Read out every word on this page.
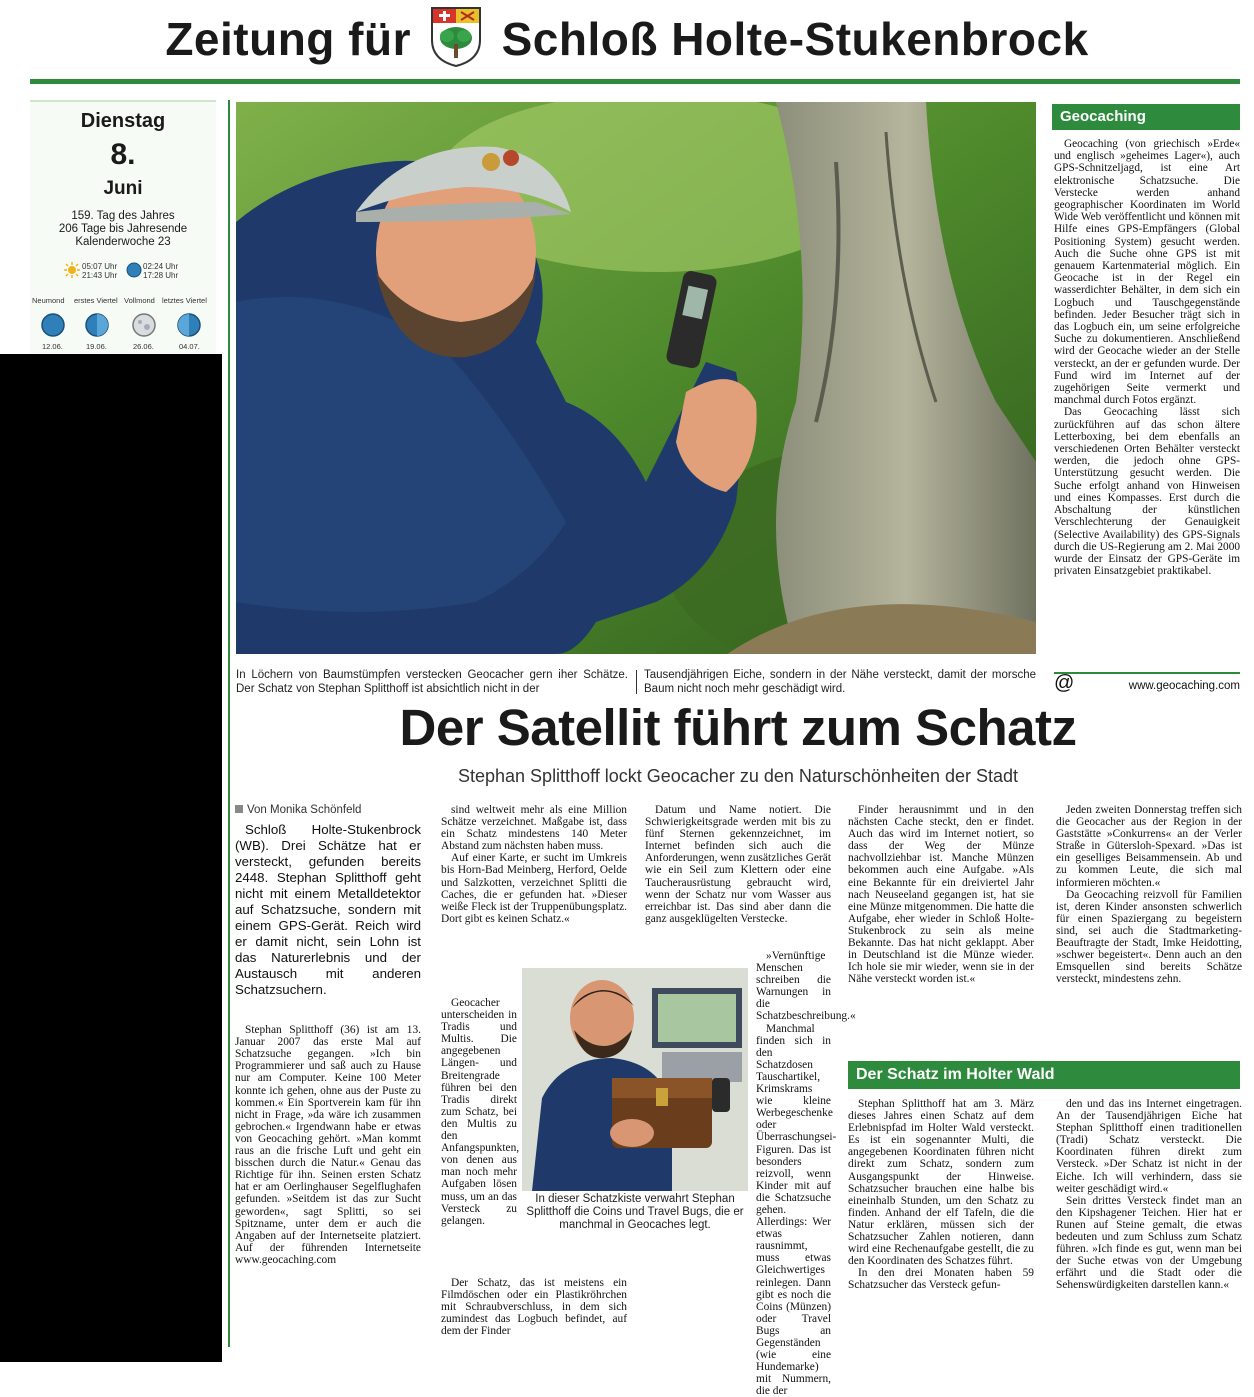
Zeitung für Schloß Holte-Stukenbrock
Dienstag
8.
Juni
159. Tag des Jahres
206 Tage bis Jahresende
Kalenderwoche 23
05:07 Uhr
21:43 Uhr
02:24 Uhr
17:28 Uhr
Neumond erstes Viertel Vollmond letztes Viertel
12.06.	19.06.	26.06.	04.07.
Geocaching

Geocaching (von griechisch »Erde« und englisch »geheimes Lager«), auch GPS-Schnitzeljagd, ist eine Art elektronische Schatzsuche. Die Verstecke werden anhand geographischer Koordinaten im World Wide Web veröffentlicht und können mit Hilfe eines GPS-Empfängers (Global Positioning System) gesucht werden. Auch die Suche ohne GPS ist mit genauem Kartenmaterial möglich. Ein Geocache ist in der Regel ein wasserdichter Behälter, in dem sich ein Logbuch und Tauschgegenstände befinden. Jeder Besucher trägt sich in das Logbuch ein, um seine erfolgreiche Suche zu dokumentieren. Anschließend wird der Geocache wieder an der Stelle versteckt, an der er gefunden wurde. Der Fund wird im Internet auf der zugehörigen Seite vermerkt und manchmal durch Fotos ergänzt.

Das Geocaching lässt sich zurückführen auf das schon ältere Letterboxing, bei dem ebenfalls an verschiedenen Orten Behälter versteckt werden, die jedoch ohne GPS-Unterstützung gesucht werden. Die Suche erfolgt anhand von Hinweisen und eines Kompasses. Erst durch die Abschaltung der künstlichen Verschlechterung der Genauigkeit (Selective Availability) des GPS-Signals durch die US-Regierung am 2. Mai 2000 wurde der Einsatz der GPS-Geräte im privaten Einsatzgebiet praktikabel.

@	www.geocaching.com
In Löchern von Baumstümpfen verstecken Geocacher gern iher Schätze. Der Schatz von Stephan Splitthoff ist absichtlich nicht in der
Tausendjährigen Eiche, sondern in der Nähe versteckt, damit der morsche Baum nicht noch mehr geschädigt wird.
Der Satellit führt zum Schatz
Stephan Splitthoff lockt Geocacher zu den Naturschönheiten der Stadt
Von Monika Schönfeld

Schloß Holte-Stukenbrock (WB). Drei Schätze hat er versteckt, gefunden bereits 2448. Stephan Splitthoff geht nicht mit einem Metalldetektor auf Schatzsuche, sondern mit einem GPS-Gerät. Reich wird er damit nicht, sein Lohn ist das Naturerlebnis und der Austausch mit anderen Schatzsuchern.

Stephan Splitthoff (36) ist am 13. Januar 2007 das erste Mal auf Schatzsuche gegangen. »Ich bin Programmierer und saß auch zu Hause nur am Computer. Keine 100 Meter konnte ich gehen, ohne aus der Puste zu kommen.« Ein Sportverein kam für ihn nicht in Frage, »da wäre ich zusammen gebrochen.« Irgendwann habe er etwas von Geocaching gehört. »Man kommt raus an die frische Luft und geht ein bisschen durch die Natur.« Genau das Richtige für ihn. Seinen ersten Schatz hat er am Oerlinghauser Segelflughafen gefunden. »Seitdem ist das zur Sucht geworden«, sagt Splitti, so sei Spitzname, unter dem er auch die Angaben auf der Internetseite platziert. Auf der führenden Internetseite www.geocaching.com

sind weltweit mehr als eine Million Schätze verzeichnet. Maßgabe ist, dass ein Schatz mindestens 140 Meter Abstand zum nächsten haben muss.

Auf einer Karte, er sucht im Umkreis bis Horn-Bad Meinberg, Herford, Oelde und Salzkotten, verzeichnet Splitti die Caches, die er gefunden hat. »Dieser weiße Fleck ist der Truppenübungsplatz. Dort gibt es keinen Schatz.«

Geocacher unterscheiden in Tradis und Multis. Die angegebenen Längen- und Breitengrade führen bei den Tradis direkt zum Schatz, bei den Multis zu den Anfangspunkten, von denen aus man noch mehr Aufgaben lösen muss, um an das Versteck zu gelangen.

Der Schatz, das ist meistens ein Filmdöschen oder ein Plastikröhrchen mit Schraubverschluss, in dem sich zumindest das Logbuch befindet, auf dem der Finder

In dieser Schatzkiste verwahrt Stephan Splitthoff die Coins und Travel Bugs, die er manchmal in Geocaches legt.

Datum und Name notiert. Die Schwierigkeitsgrade werden mit bis zu fünf Sternen gekennzeichnet, im Internet befinden sich auch die Anforderungen, wenn zusätzliches Gerät wie ein Seil zum Klettern oder eine Taucherausrüstung gebraucht wird, wenn der Schatz nur vom Wasser aus erreichbar ist. Das sind aber dann die ganz ausgeklügelten Verstecke.

»Vernünftige Menschen schreiben die Warnungen in die Schatzbeschreibung.«

Manchmal finden sich in den Schatzdosen Tauschartikel, Krimskrams wie kleine Werbegeschenke oder Überraschungsei-Figuren. Das ist besonders reizvoll, wenn Kinder mit auf die Schatzsuche gehen. Allerdings: Wer etwas rausnimmt, muss etwas Gleichwertiges reinlegen. Dann gibt es noch die Coins (Münzen) oder Travel Bugs an Gegenständen (wie eine Hundemarke) mit Nummern, die der

Finder herausnimmt und in den nächsten Cache steckt, den er findet. Auch das wird im Internet notiert, so dass der Weg der Münze nachvollziehbar ist. Manche Münzen bekommen auch eine Aufgabe. »Als eine Bekannte für ein dreiviertel Jahr nach Neuseeland gegangen ist, hat sie eine Münze mitgenommen. Die hatte die Aufgabe, eher wieder in Schloß Holte-Stukenbrock zu sein als meine Bekannte. Das hat nicht geklappt. Aber in Deutschland ist die Münze wieder. Ich hole sie mir wieder, wenn sie in der Nähe versteckt worden ist.«

Jeden zweiten Donnerstag treffen sich die Geocacher aus der Region in der Gaststätte »Conkurrens« an der Verler Straße in Gütersloh-Spexard. »Das ist ein geselliges Beisammensein. Ab und zu kommen Leute, die sich mal informieren möchten.«

Da Geocaching reizvoll für Familien ist, deren Kinder ansonsten schwerlich für einen Spaziergang zu begeistern sind, sei auch die Stadtmarketing-Beauftragte der Stadt, Imke Heidotting, »schwer begeistert«. Denn auch an den Emsquellen sind bereits Schätze versteckt, mindestens zehn.

Der Schatz im Holter Wald

Stephan Splitthoff hat am 3. März dieses Jahres einen Schatz auf dem Erlebnispfad im Holter Wald versteckt. Es ist ein sogenannter Multi, die angegebenen Koordinaten führen nicht direkt zum Schatz, sondern zum Ausgangspunkt der Hinweise. Schatzsucher brauchen eine halbe bis eineinhalb Stunden, um den Schatz zu finden. Anhand der elf Tafeln, die die Natur erklären, müssen sich der Schatzsucher Zahlen notieren, dann wird eine Rechenaufgabe gestellt, die zu den Koordinaten des Schatzes führt.

In den drei Monaten haben 59 Schatzsucher das Versteck gefun-

den und das ins Internet eingetragen. An der Tausendjährigen Eiche hat Stephan Splitthoff einen traditionellen (Tradi) Schatz versteckt. Die Koordinaten führen direkt zum Versteck. »Der Schatz ist nicht in der Eiche. Ich will verhindern, dass sie weiter geschädigt wird.«

Sein drittes Versteck findet man an den Kipshagener Teichen. Hier hat er Runen auf Steine gemalt, die etwas bedeuten und zum Schluss zum Schatz führen. »Ich finde es gut, wenn man bei der Suche etwas von der Umgebung erfährt und die Stadt oder die Sehenswürdigkeiten darstellen kann.«
